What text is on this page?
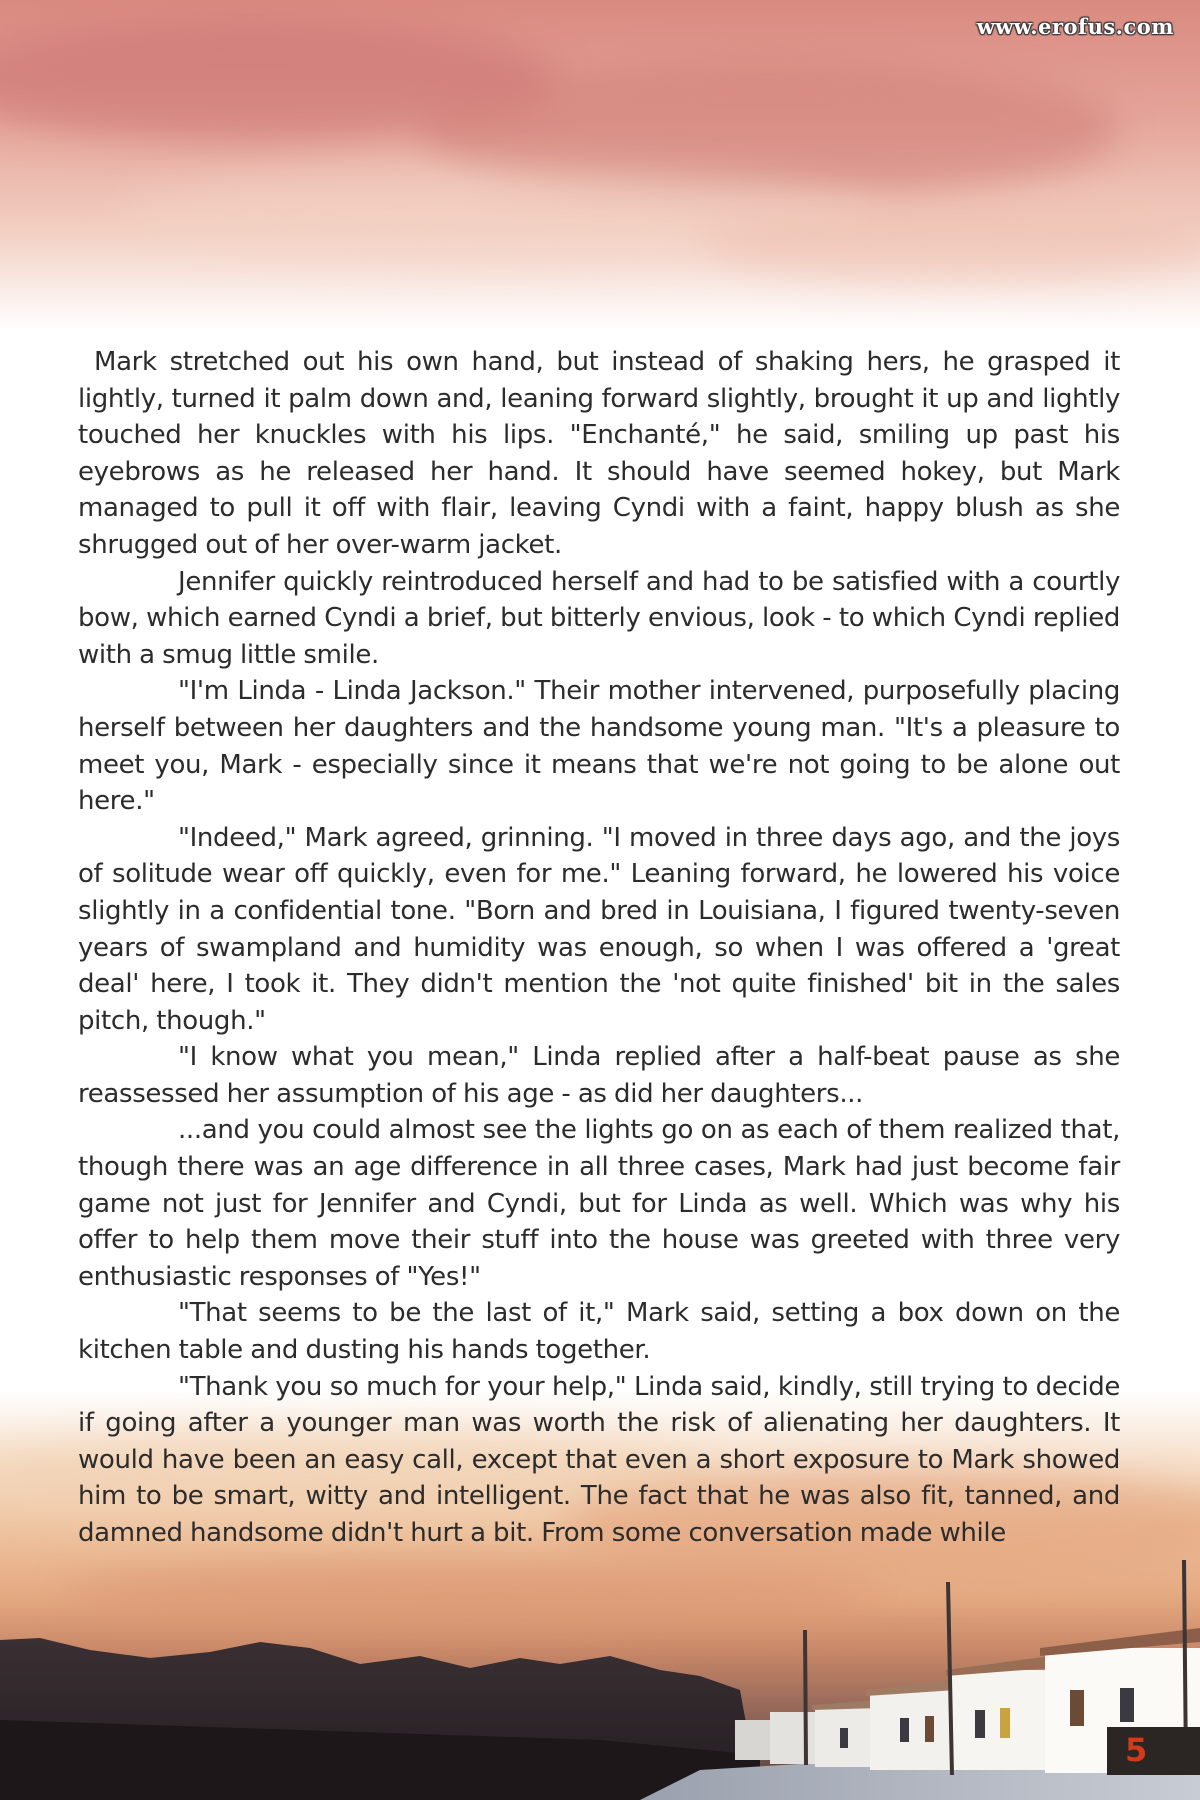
www.erofus.com

Mark stretched out his own hand, but instead of shaking hers, he grasped it lightly, turned it palm down and, leaning forward slightly, brought it up and lightly touched her knuckles with his lips. "Enchanté," he said, smiling up past his eyebrows as he released her hand. It should have seemed hokey, but Mark managed to pull it off with flair, leaving Cyndi with a faint, happy blush as she shrugged out of her over-warm jacket.

Jennifer quickly reintroduced herself and had to be satisfied with a courtly bow, which earned Cyndi a brief, but bitterly envious, look - to which Cyndi replied with a smug little smile.

"I'm Linda - Linda Jackson." Their mother intervened, purposefully placing herself between her daughters and the handsome young man. "It's a pleasure to meet you, Mark - especially since it means that we're not going to be alone out here."

"Indeed," Mark agreed, grinning. "I moved in three days ago, and the joys of solitude wear off quickly, even for me." Leaning forward, he lowered his voice slightly in a confidential tone. "Born and bred in Louisiana, I figured twenty-seven years of swampland and humidity was enough, so when I was offered a 'great deal' here, I took it. They didn't mention the 'not quite finished' bit in the sales pitch, though."

"I know what you mean," Linda replied after a half-beat pause as she reassessed her assumption of his age - as did her daughters...

...and you could almost see the lights go on as each of them realized that, though there was an age difference in all three cases, Mark had just become fair game not just for Jennifer and Cyndi, but for Linda as well. Which was why his offer to help them move their stuff into the house was greeted with three very enthusiastic responses of "Yes!"

"That seems to be the last of it," Mark said, setting a box down on the kitchen table and dusting his hands together.

"Thank you so much for your help," Linda said, kindly, still trying to decide if going after a younger man was worth the risk of alienating her daughters. It would have been an easy call, except that even a short exposure to Mark showed him to be smart, witty and intelligent. The fact that he was also fit, tanned, and damned handsome didn't hurt a bit. From some conversation made while

5
